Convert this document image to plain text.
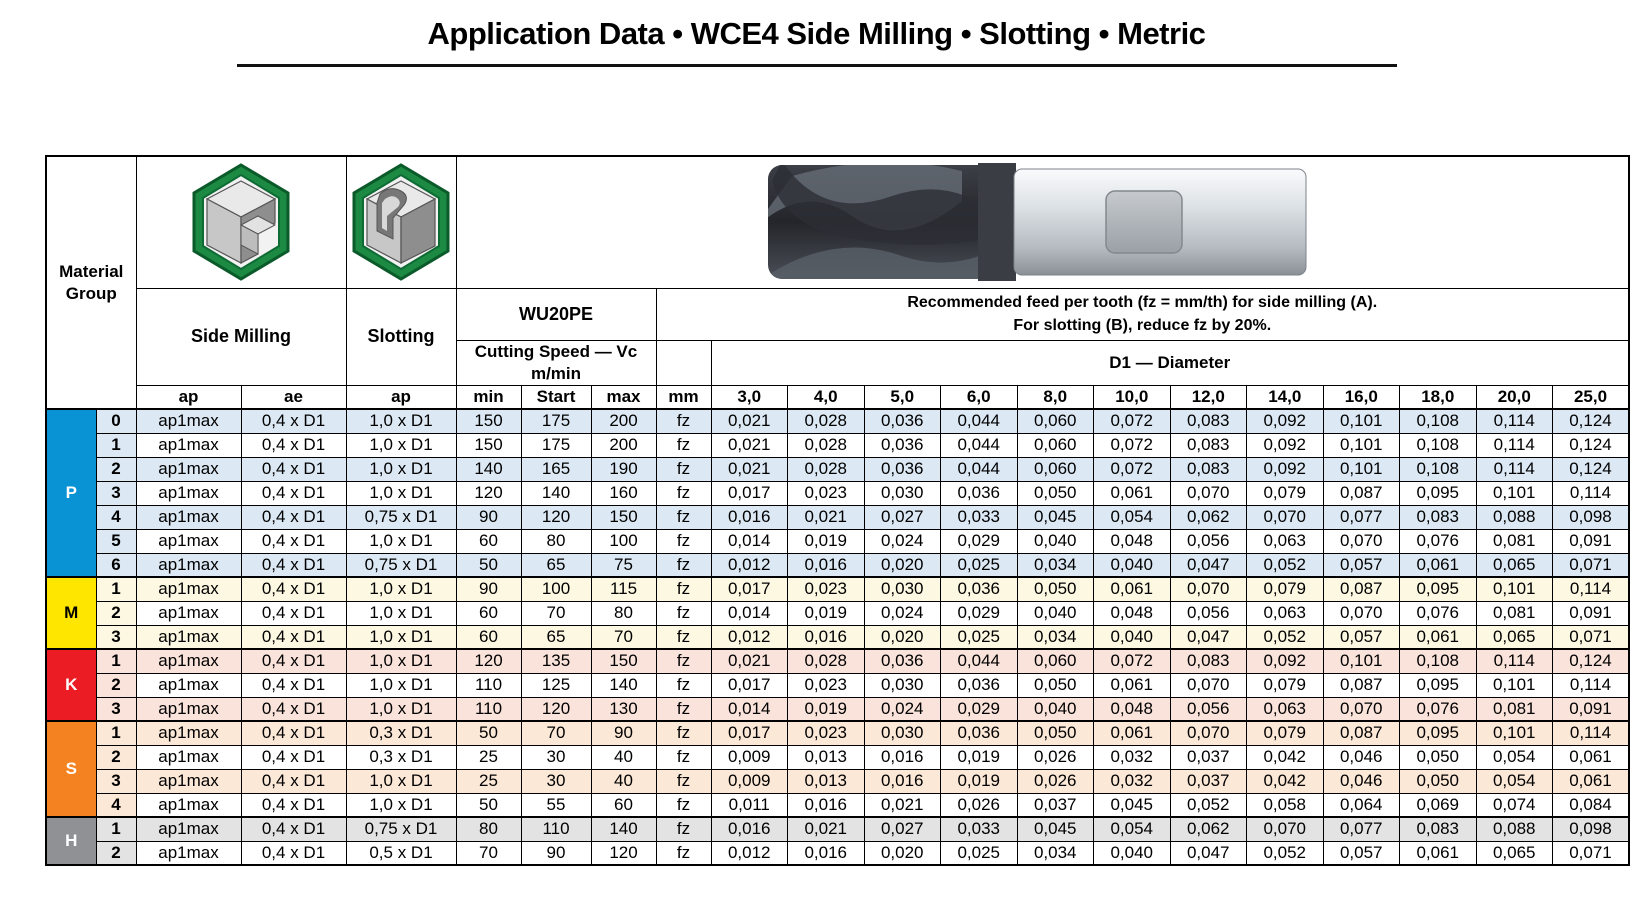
Application Data • WCE4 Side Milling • Slotting • Metric
Material Group	

		Side Milling		Slotting	WU20PE			Recommended feed per tooth (fz = mm/th) for side milling (A).
For slotting (B), reduce fz by 20%.												

					Cutting Speed — Vc
m/min				D1 — Diameter											
		ap	ae	ap	min	Start	max	mm	3,0	4,0	5,0	6,0	8,0	10,0	12,0	14,0	16,0	18,0	20,0	25,0
P	0	ap1max	0,4 x D1	1,0 x D1	150	175	200	fz	0,021	0,028	0,036	0,044	0,060	0,072	0,083	0,092	0,101	0,108	0,114	0,124
	1	ap1max	0,4 x D1	1,0 x D1	150	175	200	fz	0,021	0,028	0,036	0,044	0,060	0,072	0,083	0,092	0,101	0,108	0,114	0,124
	2	ap1max	0,4 x D1	1,0 x D1	140	165	190	fz	0,021	0,028	0,036	0,044	0,060	0,072	0,083	0,092	0,101	0,108	0,114	0,124
	3	ap1max	0,4 x D1	1,0 x D1	120	140	160	fz	0,017	0,023	0,030	0,036	0,050	0,061	0,070	0,079	0,087	0,095	0,101	0,114
	4	ap1max	0,4 x D1	0,75 x D1	90	120	150	fz	0,016	0,021	0,027	0,033	0,045	0,054	0,062	0,070	0,077	0,083	0,088	0,098
	5	ap1max	0,4 x D1	1,0 x D1	60	80	100	fz	0,014	0,019	0,024	0,029	0,040	0,048	0,056	0,063	0,070	0,076	0,081	0,091
	6	ap1max	0,4 x D1	0,75 x D1	50	65	75	fz	0,012	0,016	0,020	0,025	0,034	0,040	0,047	0,052	0,057	0,061	0,065	0,071
M	1	ap1max	0,4 x D1	1,0 x D1	90	100	115	fz	0,017	0,023	0,030	0,036	0,050	0,061	0,070	0,079	0,087	0,095	0,101	0,114
	2	ap1max	0,4 x D1	1,0 x D1	60	70	80	fz	0,014	0,019	0,024	0,029	0,040	0,048	0,056	0,063	0,070	0,076	0,081	0,091
	3	ap1max	0,4 x D1	1,0 x D1	60	65	70	fz	0,012	0,016	0,020	0,025	0,034	0,040	0,047	0,052	0,057	0,061	0,065	0,071
K	1	ap1max	0,4 x D1	1,0 x D1	120	135	150	fz	0,021	0,028	0,036	0,044	0,060	0,072	0,083	0,092	0,101	0,108	0,114	0,124
	2	ap1max	0,4 x D1	1,0 x D1	110	125	140	fz	0,017	0,023	0,030	0,036	0,050	0,061	0,070	0,079	0,087	0,095	0,101	0,114
	3	ap1max	0,4 x D1	1,0 x D1	110	120	130	fz	0,014	0,019	0,024	0,029	0,040	0,048	0,056	0,063	0,070	0,076	0,081	0,091
S	1	ap1max	0,4 x D1	0,3 x D1	50	70	90	fz	0,017	0,023	0,030	0,036	0,050	0,061	0,070	0,079	0,087	0,095	0,101	0,114
	2	ap1max	0,4 x D1	0,3 x D1	25	30	40	fz	0,009	0,013	0,016	0,019	0,026	0,032	0,037	0,042	0,046	0,050	0,054	0,061
	3	ap1max	0,4 x D1	1,0 x D1	25	30	40	fz	0,009	0,013	0,016	0,019	0,026	0,032	0,037	0,042	0,046	0,050	0,054	0,061
	4	ap1max	0,4 x D1	1,0 x D1	50	55	60	fz	0,011	0,016	0,021	0,026	0,037	0,045	0,052	0,058	0,064	0,069	0,074	0,084
H	1	ap1max	0,4 x D1	0,75 x D1	80	110	140	fz	0,016	0,021	0,027	0,033	0,045	0,054	0,062	0,070	0,077	0,083	0,088	0,098
	2	ap1max	0,4 x D1	0,5 x D1	70	90	120	fz	0,012	0,016	0,020	0,025	0,034	0,040	0,047	0,052	0,057	0,061	0,065	0,071
